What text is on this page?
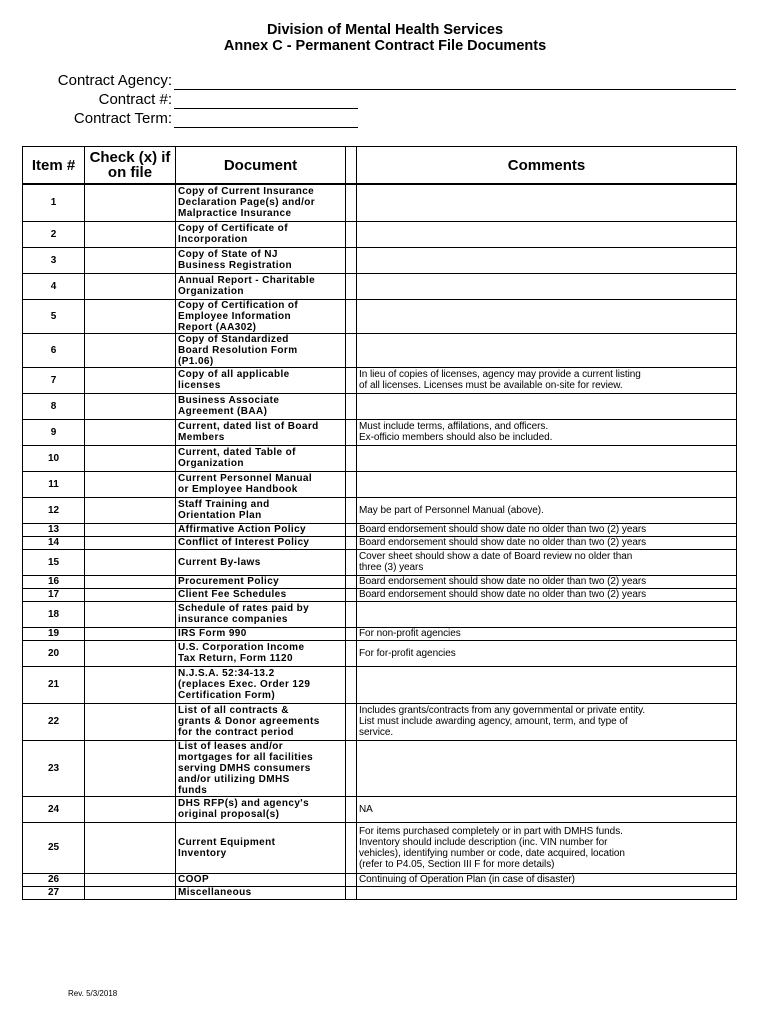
Division of Mental Health Services
Annex C - Permanent Contract File Documents
Contract Agency:
Contract #:
Contract Term:
Item #	Check (x) if on file	Document		Comments
1		Copy of Current Insurance
Declaration Page(s) and/or
Malpractice Insurance		
2		Copy of Certificate of
Incorporation		
3		Copy of State of NJ
Business Registration		
4		Annual Report - Charitable
Organization		
5		Copy of Certification of
Employee Information
Report (AA302)		
6		Copy of Standardized
Board Resolution Form
(P1.06)		
7		Copy of all applicable
licenses		In lieu of copies of licenses, agency may provide a current listing
of all licenses. Licenses must be available on-site for review.
8		Business Associate
Agreement (BAA)		
9		Current, dated list of Board
Members		Must include terms, affilations, and officers.
Ex-officio members should also be included.
10		Current, dated Table of
Organization		
11		Current Personnel Manual
or Employee Handbook		
12		Staff Training and
Orientation Plan		May be part of Personnel Manual (above).
13		Affirmative Action Policy		Board endorsement should show date no older than two (2) years
14		Conflict of Interest Policy		Board endorsement should show date no older than two (2) years
15		Current By-laws		Cover sheet should show a date of Board review no older than
three (3) years
16		Procurement Policy		Board endorsement should show date no older than two (2) years
17		Client Fee Schedules		Board endorsement should show date no older than two (2) years
18		Schedule of rates paid by
insurance companies		
19		IRS Form 990		For non-profit agencies
20		U.S. Corporation Income
Tax Return, Form 1120		For for-profit agencies
21		N.J.S.A. 52:34-13.2
(replaces Exec. Order 129
Certification Form)		
22		List of all contracts &
grants & Donor agreements
for the contract period		Includes grants/contracts from any governmental or private entity.
List must include awarding agency, amount, term, and type of
service.
23		List of leases and/or
mortgages for all facilities
serving DMHS consumers
and/or utilizing DMHS
funds		
24		DHS RFP(s) and agency's
original proposal(s)		NA
25		Current Equipment
Inventory		For items purchased completely or in part with DMHS funds.
Inventory should include description (inc. VIN number for
vehicles), identifying number or code, date acquired, location
(refer to P4.05, Section III F for more details)
26		COOP		Continuing of Operation Plan (in case of disaster)
27		Miscellaneous		
Rev. 5/3/2018
